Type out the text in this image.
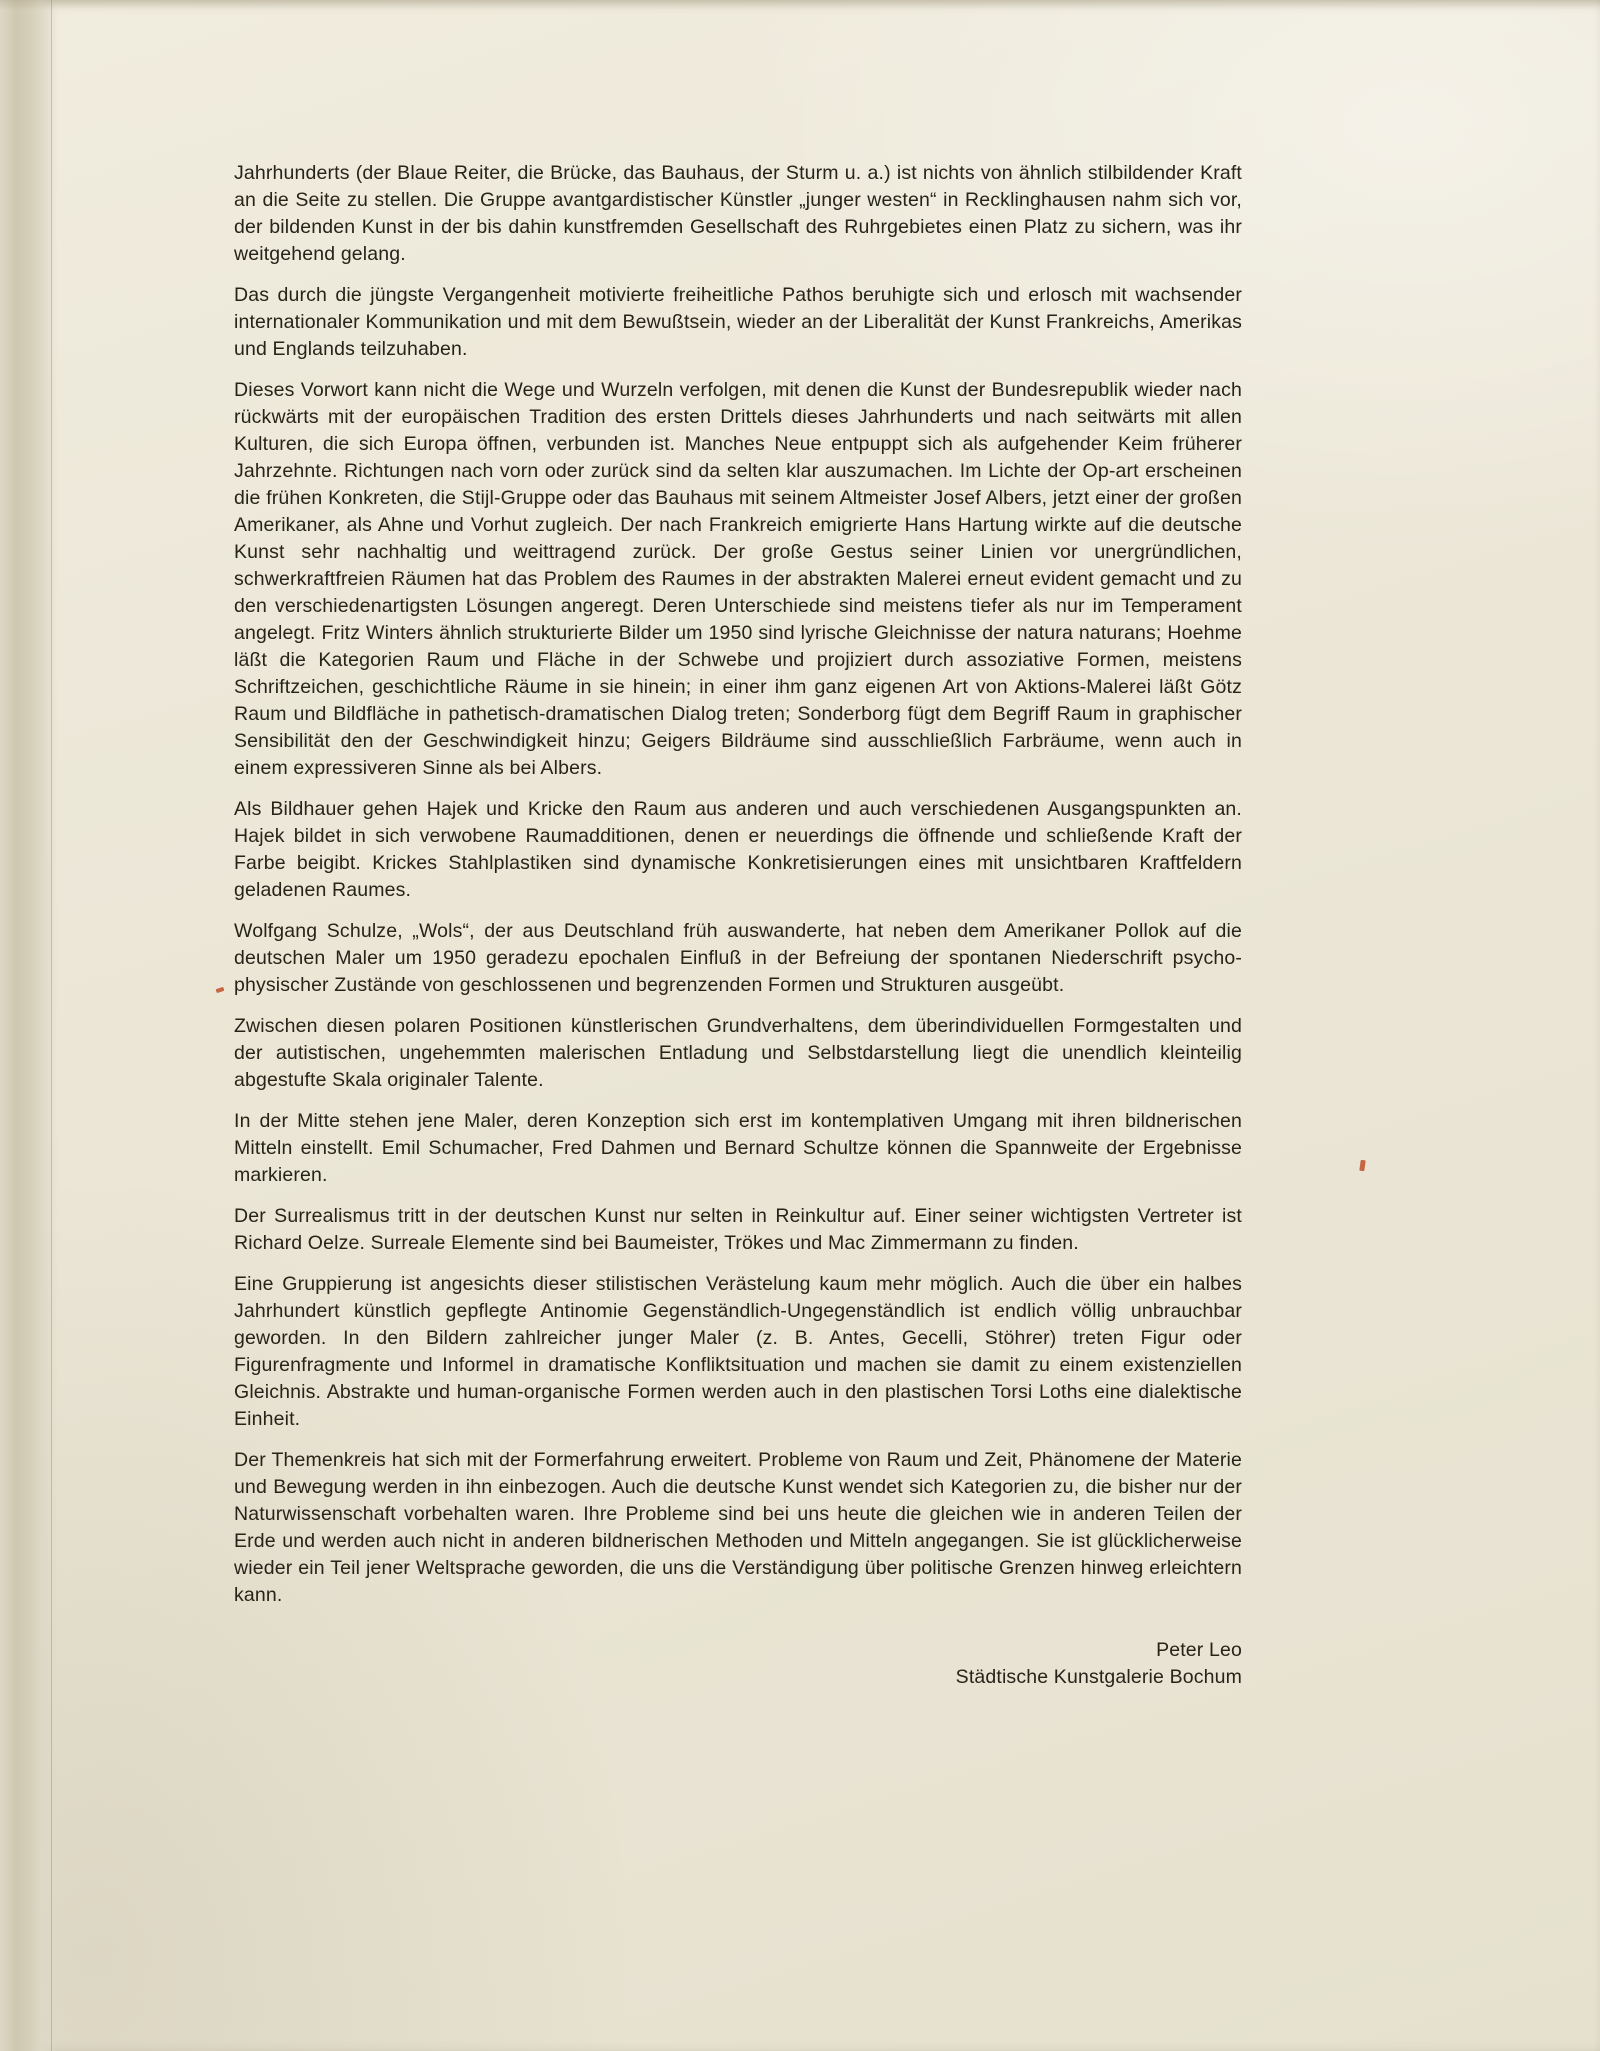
Jahrhunderts (der Blaue Reiter, die Brücke, das Bauhaus, der Sturm u. a.) ist nichts von ähnlich stilbildender Kraft an die Seite zu stellen. Die Gruppe avantgardistischer Künstler „junger westen“ in Recklinghausen nahm sich vor, der bildenden Kunst in der bis dahin kunstfremden Gesellschaft des Ruhrgebietes einen Platz zu sichern, was ihr weitgehend gelang.

Das durch die jüngste Vergangenheit motivierte freiheitliche Pathos beruhigte sich und erlosch mit wachsender internationaler Kommunikation und mit dem Bewußtsein, wieder an der Liberalität der Kunst Frankreichs, Amerikas und Englands teilzuhaben.

Dieses Vorwort kann nicht die Wege und Wurzeln verfolgen, mit denen die Kunst der Bundesrepublik wieder nach rückwärts mit der europäischen Tradition des ersten Drittels dieses Jahrhunderts und nach seitwärts mit allen Kulturen, die sich Europa öffnen, verbunden ist. Manches Neue entpuppt sich als aufgehender Keim früherer Jahrzehnte. Richtungen nach vorn oder zurück sind da selten klar auszumachen. Im Lichte der Op-art erscheinen die frühen Konkreten, die Stijl-Gruppe oder das Bauhaus mit seinem Altmeister Josef Albers, jetzt einer der großen Amerikaner, als Ahne und Vorhut zugleich. Der nach Frankreich emigrierte Hans Hartung wirkte auf die deutsche Kunst sehr nachhaltig und weittragend zurück. Der große Gestus seiner Linien vor unergründlichen, schwerkraftfreien Räumen hat das Problem des Raumes in der abstrakten Malerei erneut evident gemacht und zu den verschiedenartigsten Lösungen angeregt. Deren Unterschiede sind meistens tiefer als nur im Temperament angelegt. Fritz Winters ähnlich strukturierte Bilder um 1950 sind lyrische Gleichnisse der natura naturans; Hoehme läßt die Kategorien Raum und Fläche in der Schwebe und projiziert durch assoziative Formen, meistens Schriftzeichen, geschichtliche Räume in sie hinein; in einer ihm ganz eigenen Art von Aktions-Malerei läßt Götz Raum und Bildfläche in pathetisch-dramatischen Dialog treten; Sonderborg fügt dem Begriff Raum in graphischer Sensibilität den der Geschwindigkeit hinzu; Geigers Bildräume sind ausschließlich Farbräume, wenn auch in einem expressiveren Sinne als bei Albers.

Als Bildhauer gehen Hajek und Kricke den Raum aus anderen und auch verschiedenen Ausgangspunkten an. Hajek bildet in sich verwobene Raumadditionen, denen er neuerdings die öffnende und schließende Kraft der Farbe beigibt. Krickes Stahlplastiken sind dynamische Konkretisierungen eines mit unsichtbaren Kraftfeldern geladenen Raumes.

Wolfgang Schulze, „Wols“, der aus Deutschland früh auswanderte, hat neben dem Amerikaner Pollok auf die deutschen Maler um 1950 geradezu epochalen Einfluß in der Befreiung der spontanen Niederschrift psycho-physischer Zustände von geschlossenen und begrenzenden Formen und Strukturen ausgeübt.

Zwischen diesen polaren Positionen künstlerischen Grundverhaltens, dem überindividuellen Formgestalten und der autistischen, ungehemmten malerischen Entladung und Selbstdarstellung liegt die unendlich kleinteilig abgestufte Skala originaler Talente.

In der Mitte stehen jene Maler, deren Konzeption sich erst im kontemplativen Umgang mit ihren bildnerischen Mitteln einstellt. Emil Schumacher, Fred Dahmen und Bernard Schultze können die Spannweite der Ergebnisse markieren.

Der Surrealismus tritt in der deutschen Kunst nur selten in Reinkultur auf. Einer seiner wichtigsten Vertreter ist Richard Oelze. Surreale Elemente sind bei Baumeister, Trökes und Mac Zimmermann zu finden.

Eine Gruppierung ist angesichts dieser stilistischen Verästelung kaum mehr möglich. Auch die über ein halbes Jahrhundert künstlich gepflegte Antinomie Gegenständlich-Ungegenständlich ist endlich völlig unbrauchbar geworden. In den Bildern zahlreicher junger Maler (z. B. Antes, Gecelli, Stöhrer) treten Figur oder Figurenfragmente und Informel in dramatische Konfliktsituation und machen sie damit zu einem existenziellen Gleichnis. Abstrakte und human-organische Formen werden auch in den plastischen Torsi Loths eine dialektische Einheit.

Der Themenkreis hat sich mit der Formerfahrung erweitert. Probleme von Raum und Zeit, Phänomene der Materie und Bewegung werden in ihn einbezogen. Auch die deutsche Kunst wendet sich Kategorien zu, die bisher nur der Naturwissenschaft vorbehalten waren. Ihre Probleme sind bei uns heute die gleichen wie in anderen Teilen der Erde und werden auch nicht in anderen bildnerischen Methoden und Mitteln angegangen. Sie ist glücklicherweise wieder ein Teil jener Weltsprache geworden, die uns die Verständigung über politische Grenzen hinweg erleichtern kann.

Peter Leo

Städtische Kunstgalerie Bochum
